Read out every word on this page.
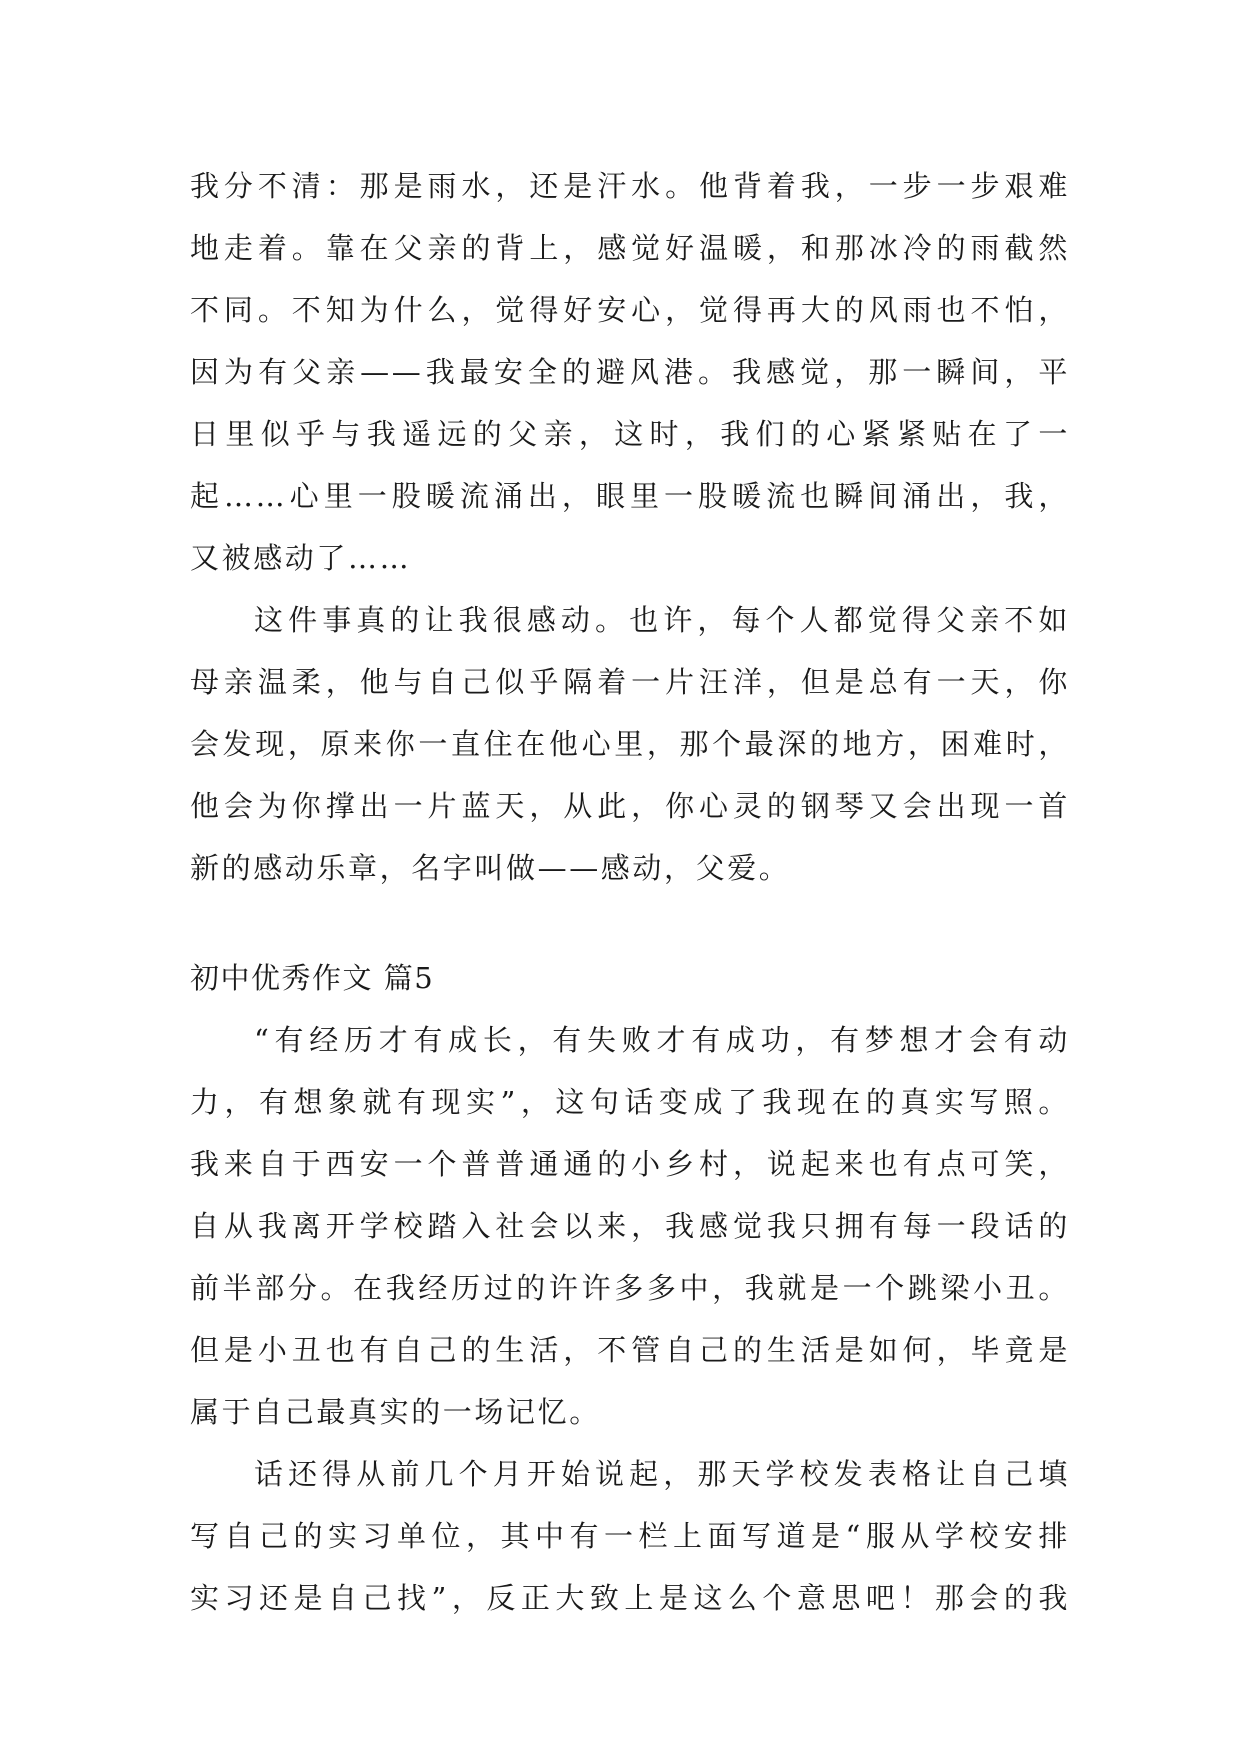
我分不清：那是雨水，还是汗水。他背着我，一步一步艰难
地走着。靠在父亲的背上，感觉好温暖，和那冰冷的雨截然
不同。不知为什么，觉得好安心，觉得再大的风雨也不怕，
因为有父亲——我最安全的避风港。我感觉，那一瞬间，平
日里似乎与我遥远的父亲，这时，我们的心紧紧贴在了一
起……心里一股暖流涌出，眼里一股暖流也瞬间涌出，我，
又被感动了……
这件事真的让我很感动。也许，每个人都觉得父亲不如
母亲温柔，他与自己似乎隔着一片汪洋，但是总有一天，你
会发现，原来你一直住在他心里，那个最深的地方，困难时，
他会为你撑出一片蓝天，从此，你心灵的钢琴又会出现一首
新的感动乐章，名字叫做——感动，父爱。
初中优秀作文 篇5
“有经历才有成长，有失败才有成功，有梦想才会有动
力，有想象就有现实”，这句话变成了我现在的真实写照。
我来自于西安一个普普通通的小乡村，说起来也有点可笑，
自从我离开学校踏入社会以来，我感觉我只拥有每一段话的
前半部分。在我经历过的许许多多中，我就是一个跳梁小丑。
但是小丑也有自己的生活，不管自己的生活是如何，毕竟是
属于自己最真实的一场记忆。
话还得从前几个月开始说起，那天学校发表格让自己填
写自己的实习单位，其中有一栏上面写道是“服从学校安排
实习还是自己找”，反正大致上是这么个意思吧！那会的我
